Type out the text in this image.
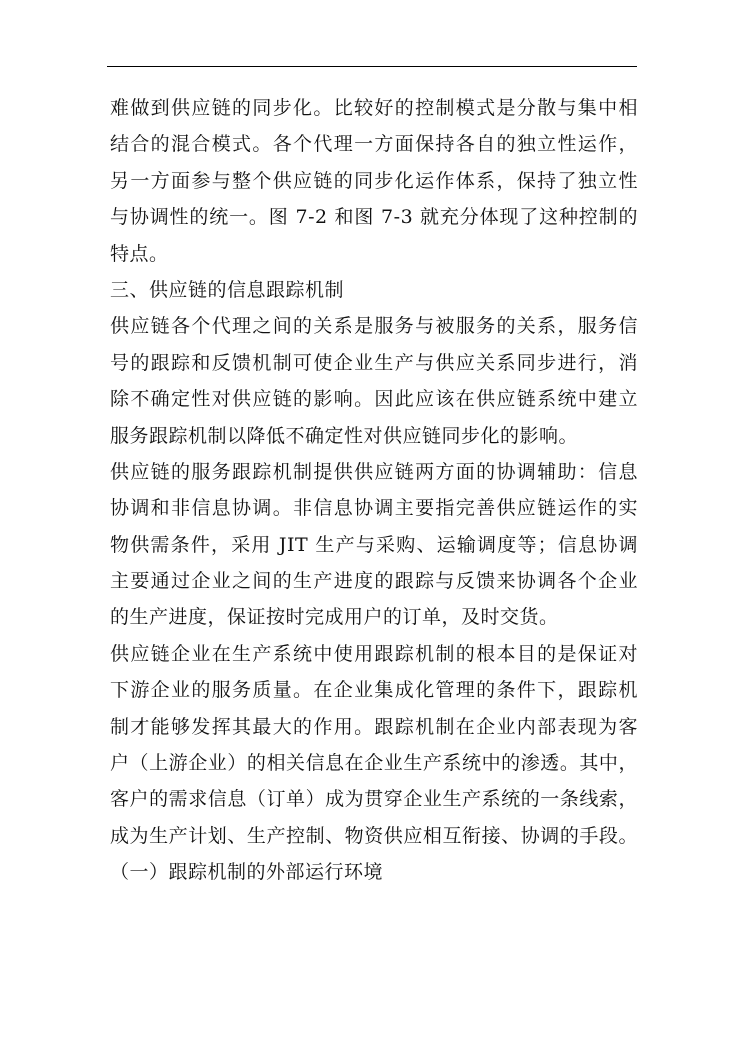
难做到供应链的同步化。比较好的控制模式是分散与集中相
结合的混合模式。各个代理一方面保持各自的独立性运作，
另一方面参与整个供应链的同步化运作体系，保持了独立性
与协调性的统一。图 7-2 和图 7-3 就充分体现了这种控制的
特点。
三、供应链的信息跟踪机制
供应链各个代理之间的关系是服务与被服务的关系，服务信
号的跟踪和反馈机制可使企业生产与供应关系同步进行，消
除不确定性对供应链的影响。因此应该在供应链系统中建立
服务跟踪机制以降低不确定性对供应链同步化的影响。
供应链的服务跟踪机制提供供应链两方面的协调辅助：信息
协调和非信息协调。非信息协调主要指完善供应链运作的实
物供需条件，采用 JIT 生产与采购、运输调度等；信息协调
主要通过企业之间的生产进度的跟踪与反馈来协调各个企业
的生产进度，保证按时完成用户的订单，及时交货。
供应链企业在生产系统中使用跟踪机制的根本目的是保证对
下游企业的服务质量。在企业集成化管理的条件下，跟踪机
制才能够发挥其最大的作用。跟踪机制在企业内部表现为客
户（上游企业）的相关信息在企业生产系统中的渗透。其中，
客户的需求信息（订单）成为贯穿企业生产系统的一条线索，
成为生产计划、生产控制、物资供应相互衔接、协调的手段。
（一）跟踪机制的外部运行环境
